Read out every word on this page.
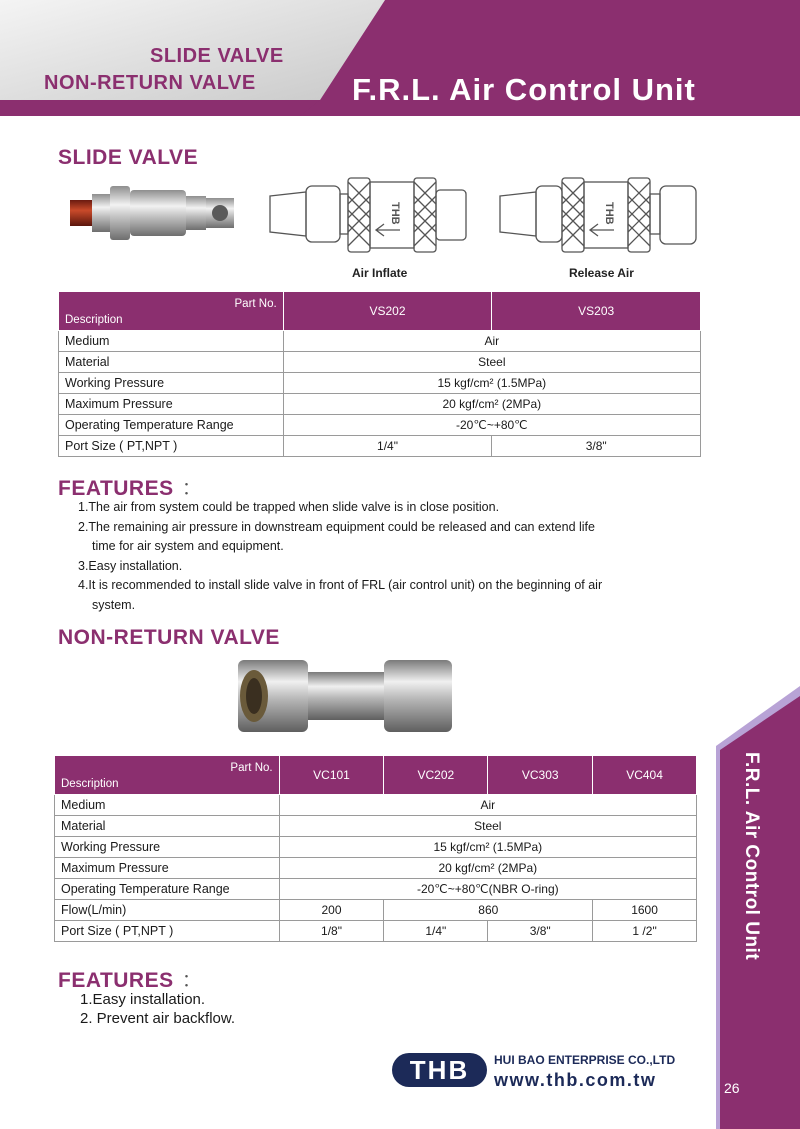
SLIDE VALVE
NON-RETURN VALVE	F.R.L. Air Control Unit
F.R.L. Air Control Unit
26
SLIDE VALVE
THB	THB
Air Inflate	Release Air
Part No.
Description	VS202	VS203
Medium	Air	
Material	Steel	
Working Pressure	15 kgf/cm² (1.5MPa)	
Maximum Pressure	20 kgf/cm² (2MPa)	
Operating Temperature Range	-20℃~+80℃	
Port Size ( PT,NPT )	1/4"	3/8"
FEATURES ：
1.The air from system could be trapped when slide valve is in close position.
2.The remaining air pressure in downstream equipment could be released and can extend life
time for air system and equipment.
3.Easy installation.
4.It is recommended to install slide valve in front of FRL (air control unit) on the beginning of air
system.
NON-RETURN VALVE
Part No.
Description	VC101	VC202	VC303	VC404
Medium	Air			
Material	Steel			
Working Pressure	15 kgf/cm² (1.5MPa)			
Maximum Pressure	20 kgf/cm² (2MPa)			
Operating Temperature Range	-20℃~+80℃(NBR O-ring)			
Flow(L/min)	200	860		1600
Port Size ( PT,NPT )	1/8"	1/4"	3/8"	1 /2"
FEATURES ：
1.Easy installation.
2. Prevent air backflow.
THB	HUI BAO ENTERPRISE CO.,LTD
www.thb.com.tw
